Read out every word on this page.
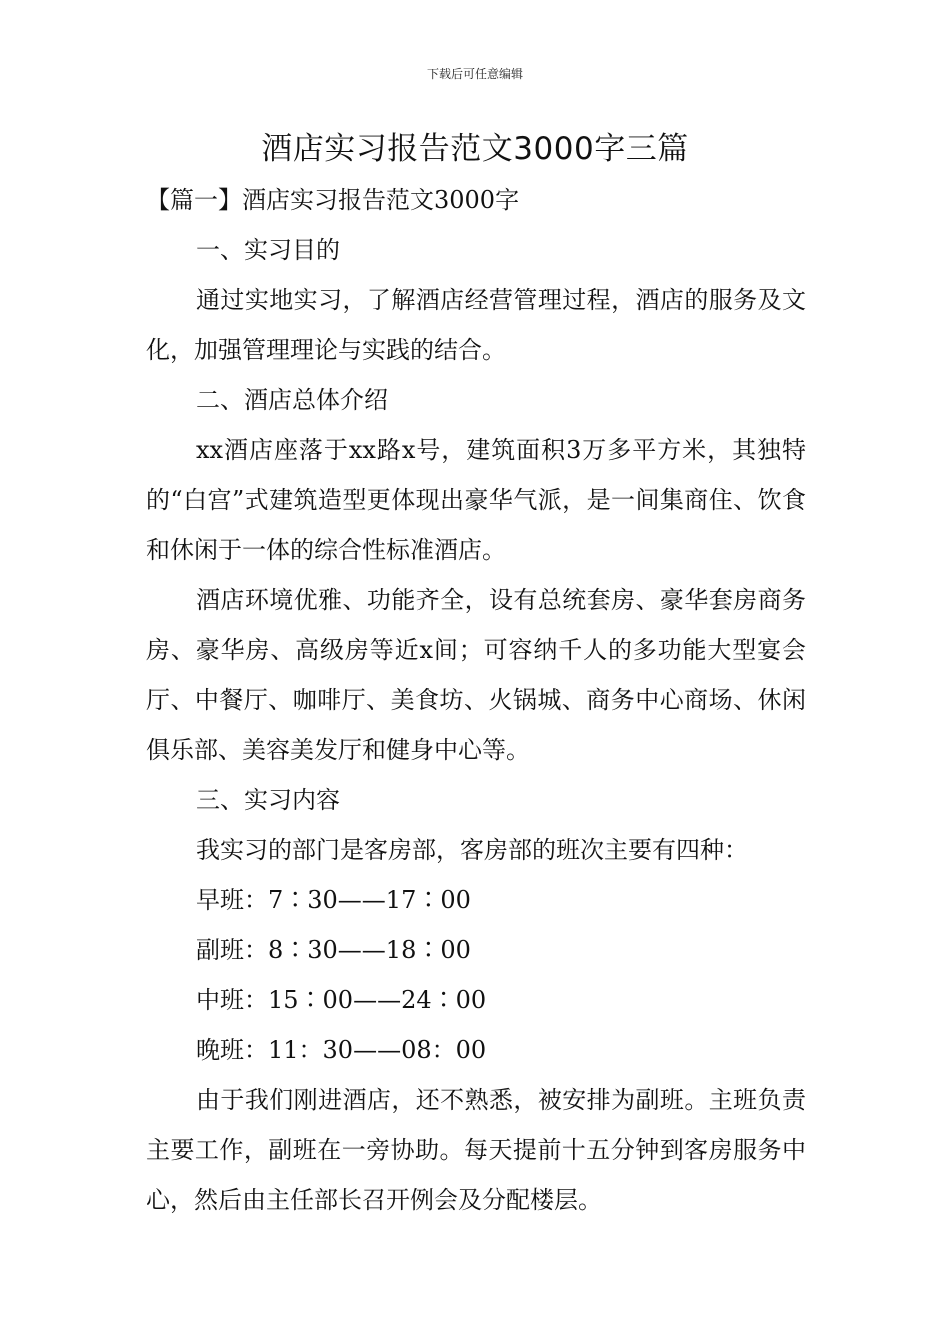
下载后可任意编辑
酒店实习报告范文3000字三篇

【篇一】酒店实习报告范文3000字

一、实习目的

通过实地实习，了解酒店经营管理过程，酒店的服务及文化，加强管理理论与实践的结合。

二、酒店总体介绍

xx酒店座落于xx路x号，建筑面积3万多平方米，其独特的“白宫”式建筑造型更体现出豪华气派，是一间集商住、饮食和休闲于一体的综合性标准酒店。

酒店环境优雅、功能齐全，设有总统套房、豪华套房商务房、豪华房、高级房等近x间；可容纳千人的多功能大型宴会厅、中餐厅、咖啡厅、美食坊、火锅城、商务中心商场、休闲俱乐部、美容美发厅和健身中心等。

三、实习内容

我实习的部门是客房部，客房部的班次主要有四种：

早班：7∶30——17∶00

副班：8∶30——18∶00

中班：15∶00——24∶00

晚班：11：30——08：00

由于我们刚进酒店，还不熟悉，被安排为副班。主班负责主要工作，副班在一旁协助。每天提前十五分钟到客房服务中心，然后由主任部长召开例会及分配楼层。
